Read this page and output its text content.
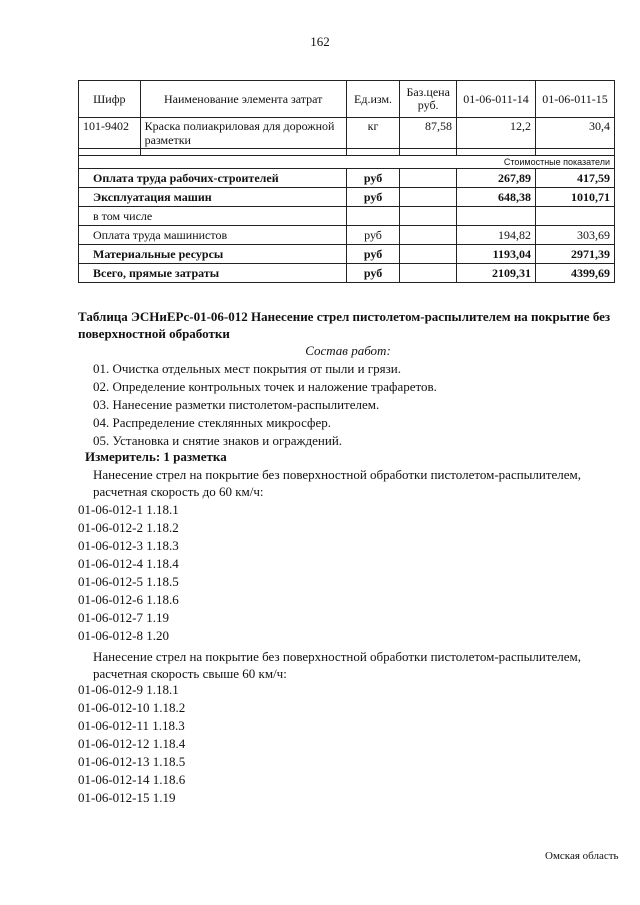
162
Шифр	Наименование элемента затрат	Ед.изм.	Баз.цена руб.	01-06-011-14	01-06-011-15
101-9402	Краска полиакриловая для дорожной разметки	кг	87,58	12,2	30,4

Стоимостные показатели					
Оплата труда рабочих-строителей		руб		267,89	417,59
Эксплуатация машин		руб		648,38	1010,71
в том числе					
Оплата труда машинистов		руб		194,82	303,69
Материальные ресурсы		руб		1193,04	2971,39
Всего, прямые затраты		руб		2109,31	4399,69
Таблица ЭСНиЕРс-01-06-012 Нанесение стрел пистолетом-распылителем на покрытие без поверхностной обработки
Состав работ:
01. Очистка отдельных мест покрытия от пыли и грязи.
02. Определение контрольных точек и наложение трафаретов.
03. Нанесение разметки пистолетом-распылителем.
04. Распределение стеклянных микросфер.
05. Установка и снятие знаков и ограждений.
Измеритель: 1 разметка
Нанесение стрел на покрытие без поверхностной обработки пистолетом-распылителем, расчетная скорость до 60 км/ч:
01-06-012-1 1.18.1
01-06-012-2 1.18.2
01-06-012-3 1.18.3
01-06-012-4 1.18.4
01-06-012-5 1.18.5
01-06-012-6 1.18.6
01-06-012-7 1.19
01-06-012-8 1.20
Нанесение стрел на покрытие без поверхностной обработки пистолетом-распылителем, расчетная скорость свыше 60 км/ч:
01-06-012-9 1.18.1
01-06-012-10 1.18.2
01-06-012-11 1.18.3
01-06-012-12 1.18.4
01-06-012-13 1.18.5
01-06-012-14 1.18.6
01-06-012-15 1.19
Омская область
